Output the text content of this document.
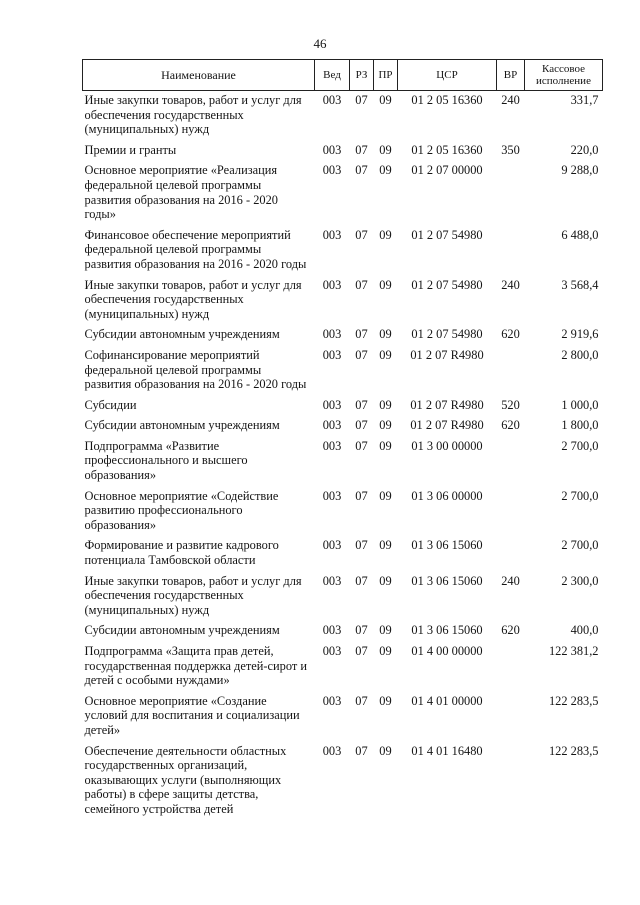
46
Наименование	Вед	РЗ	ПР	ЦСР	ВР	Кассовое исполнение
Иные закупки товаров, работ и услуг для обеспечения государственных (муниципальных) нужд	003	07	09	01 2 05 16360	240	331,7
Премии и гранты	003	07	09	01 2 05 16360	350	220,0
Основное мероприятие «Реализация федеральной целевой программы развития образования на 2016 - 2020 годы»	003	07	09	01 2 07 00000		9 288,0
Финансовое обеспечение мероприятий федеральной целевой программы развития образования на 2016 - 2020 годы	003	07	09	01 2 07 54980		6 488,0
Иные закупки товаров, работ и услуг для обеспечения государственных (муниципальных) нужд	003	07	09	01 2 07 54980	240	3 568,4
Субсидии автономным учреждениям	003	07	09	01 2 07 54980	620	2 919,6
Софинансирование мероприятий федеральной целевой программы развития образования на 2016 - 2020 годы	003	07	09	01 2 07 R4980		2 800,0
Субсидии	003	07	09	01 2 07 R4980	520	1 000,0
Субсидии автономным учреждениям	003	07	09	01 2 07 R4980	620	1 800,0
Подпрограмма «Развитие профессионального и высшего образования»	003	07	09	01 3 00 00000		2 700,0
Основное мероприятие «Содействие развитию профессионального образования»	003	07	09	01 3 06 00000		2 700,0
Формирование и развитие кадрового потенциала Тамбовской области	003	07	09	01 3 06 15060		2 700,0
Иные закупки товаров, работ и услуг для обеспечения государственных (муниципальных) нужд	003	07	09	01 3 06 15060	240	2 300,0
Субсидии автономным учреждениям	003	07	09	01 3 06 15060	620	400,0
Подпрограмма «Защита прав детей, государственная поддержка детей-сирот и детей с особыми нуждами»	003	07	09	01 4 00 00000		122 381,2
Основное мероприятие «Создание условий для воспитания и социализации детей»	003	07	09	01 4 01 00000		122 283,5
Обеспечение деятельности областных государственных организаций, оказывающих услуги (выполняющих работы) в сфере защиты детства, семейного устройства детей	003	07	09	01 4 01 16480		122 283,5
